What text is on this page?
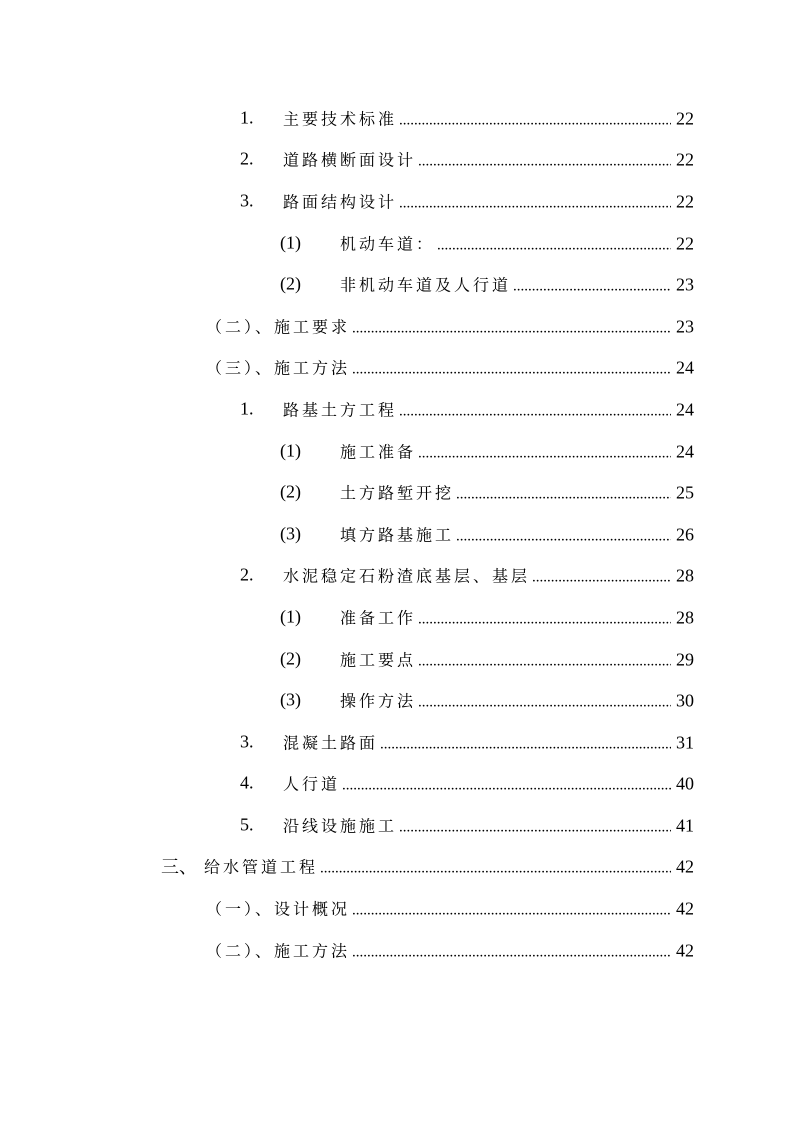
1. 主要技术标准 .....	22
2. 道路横断面设计 .....	22
3. 路面结构设计 .....	22
(1) 机动车道： .....	22
(2) 非机动车道及人行道 .....	23
（二）、施工要求 .....	23
（三）、施工方法 .....	24
1. 路基土方工程 .....	24
(1) 施工准备 .....	24
(2) 土方路堑开挖 .....	25
(3) 填方路基施工 .....	26
2. 水泥稳定石粉渣底基层、基层 .....	28
(1) 准备工作 .....	28
(2) 施工要点 .....	29
(3) 操作方法 .....	30
3. 混凝土路面 .....	31
4. 人行道 .....	40
5. 沿线设施施工 .....	41
三、 给水管道工程 .....	42
（一）、设计概况 .....	42
（二）、施工方法 .....	42
